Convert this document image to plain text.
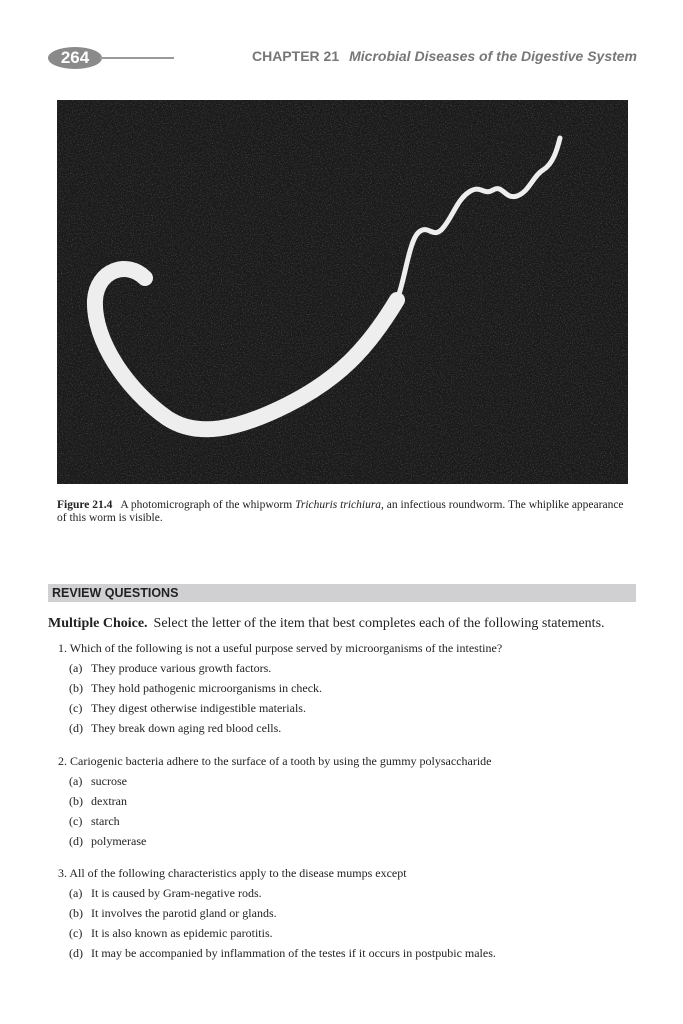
264	CHAPTER 21 Microbial Diseases of the Digestive System
Figure 21.4 A photomicrograph of the whipworm Trichuris trichiura, an infectious roundworm. The whiplike appearance of this worm is visible.
REVIEW QUESTIONS
Multiple Choice. Select the letter of the item that best completes each of the following statements.
1. Which of the following is not a useful purpose served by microorganisms of the intestine?
(a) They produce various growth factors.
(b) They hold pathogenic microorganisms in check.
(c) They digest otherwise indigestible materials.
(d) They break down aging red blood cells.
2. Cariogenic bacteria adhere to the surface of a tooth by using the gummy polysaccharide
(a) sucrose
(b) dextran
(c) starch
(d) polymerase
3. All of the following characteristics apply to the disease mumps except
(a) It is caused by Gram-negative rods.
(b) It involves the parotid gland or glands.
(c) It is also known as epidemic parotitis.
(d) It may be accompanied by inflammation of the testes if it occurs in postpubic males.
